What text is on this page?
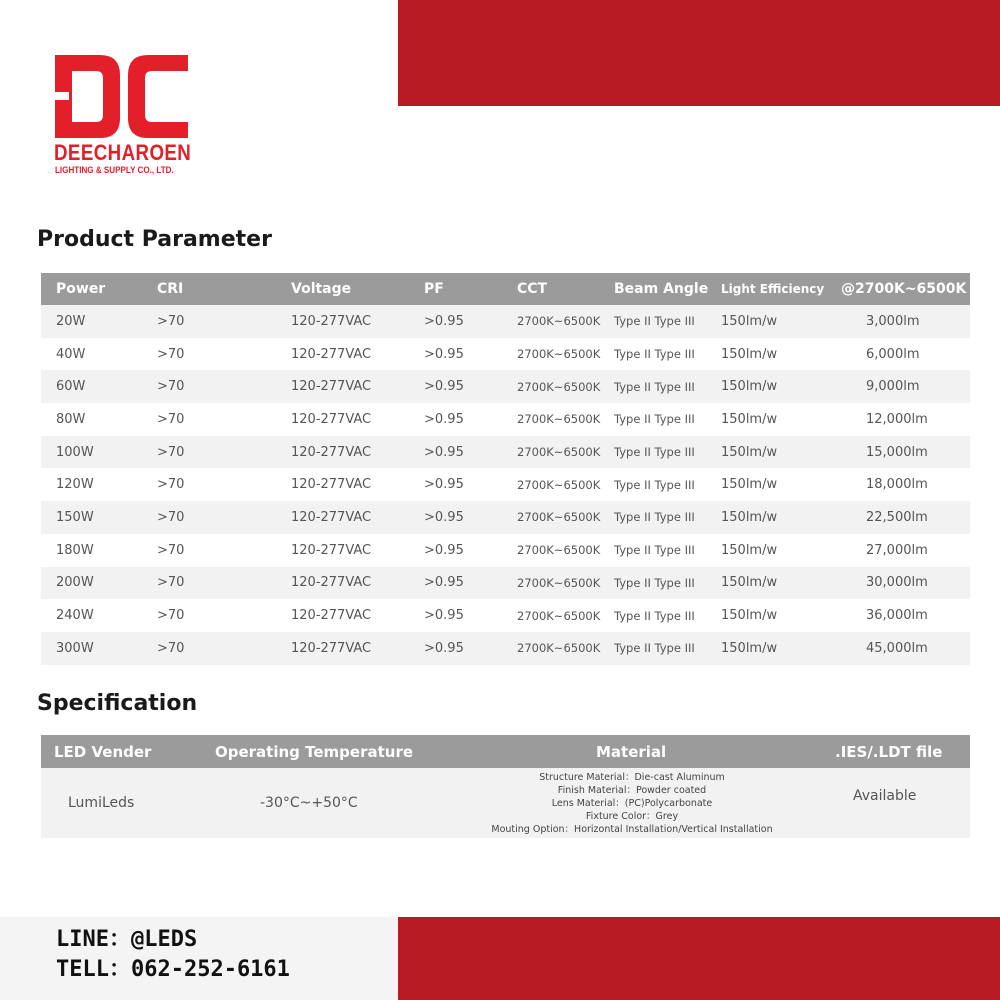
DEECHAROEN
LIGHTING & SUPPLY CO., LTD.
Product Parameter
Power	CRI	Voltage	PF	CCT	Beam Angle	Light Efficiency	@2700K~6500K
20W	>70	120-277VAC	>0.95	2700K~6500K	Type II Type III	150lm/w	3,000lm
40W	>70	120-277VAC	>0.95	2700K~6500K	Type II Type III	150lm/w	6,000lm
60W	>70	120-277VAC	>0.95	2700K~6500K	Type II Type III	150lm/w	9,000lm
80W	>70	120-277VAC	>0.95	2700K~6500K	Type II Type III	150lm/w	12,000lm
100W	>70	120-277VAC	>0.95	2700K~6500K	Type II Type III	150lm/w	15,000lm
120W	>70	120-277VAC	>0.95	2700K~6500K	Type II Type III	150lm/w	18,000lm
150W	>70	120-277VAC	>0.95	2700K~6500K	Type II Type III	150lm/w	22,500lm
180W	>70	120-277VAC	>0.95	2700K~6500K	Type II Type III	150lm/w	27,000lm
200W	>70	120-277VAC	>0.95	2700K~6500K	Type II Type III	150lm/w	30,000lm
240W	>70	120-277VAC	>0.95	2700K~6500K	Type II Type III	150lm/w	36,000lm
300W	>70	120-277VAC	>0.95	2700K~6500K	Type II Type III	150lm/w	45,000lm
Specification
LED Vender	Operating Temperature	Material	.IES/.LDT file
LumiLeds	-30°C~+50°C	Structure Material：Die-cast Aluminum
Finish Material：Powder coated
Lens Material：(PC)Polycarbonate
Fixture Color：Grey
Mouting Option：Horizontal Installation/Vertical Installation	Available
LINE：@LEDS
TELL：062-252-6161
